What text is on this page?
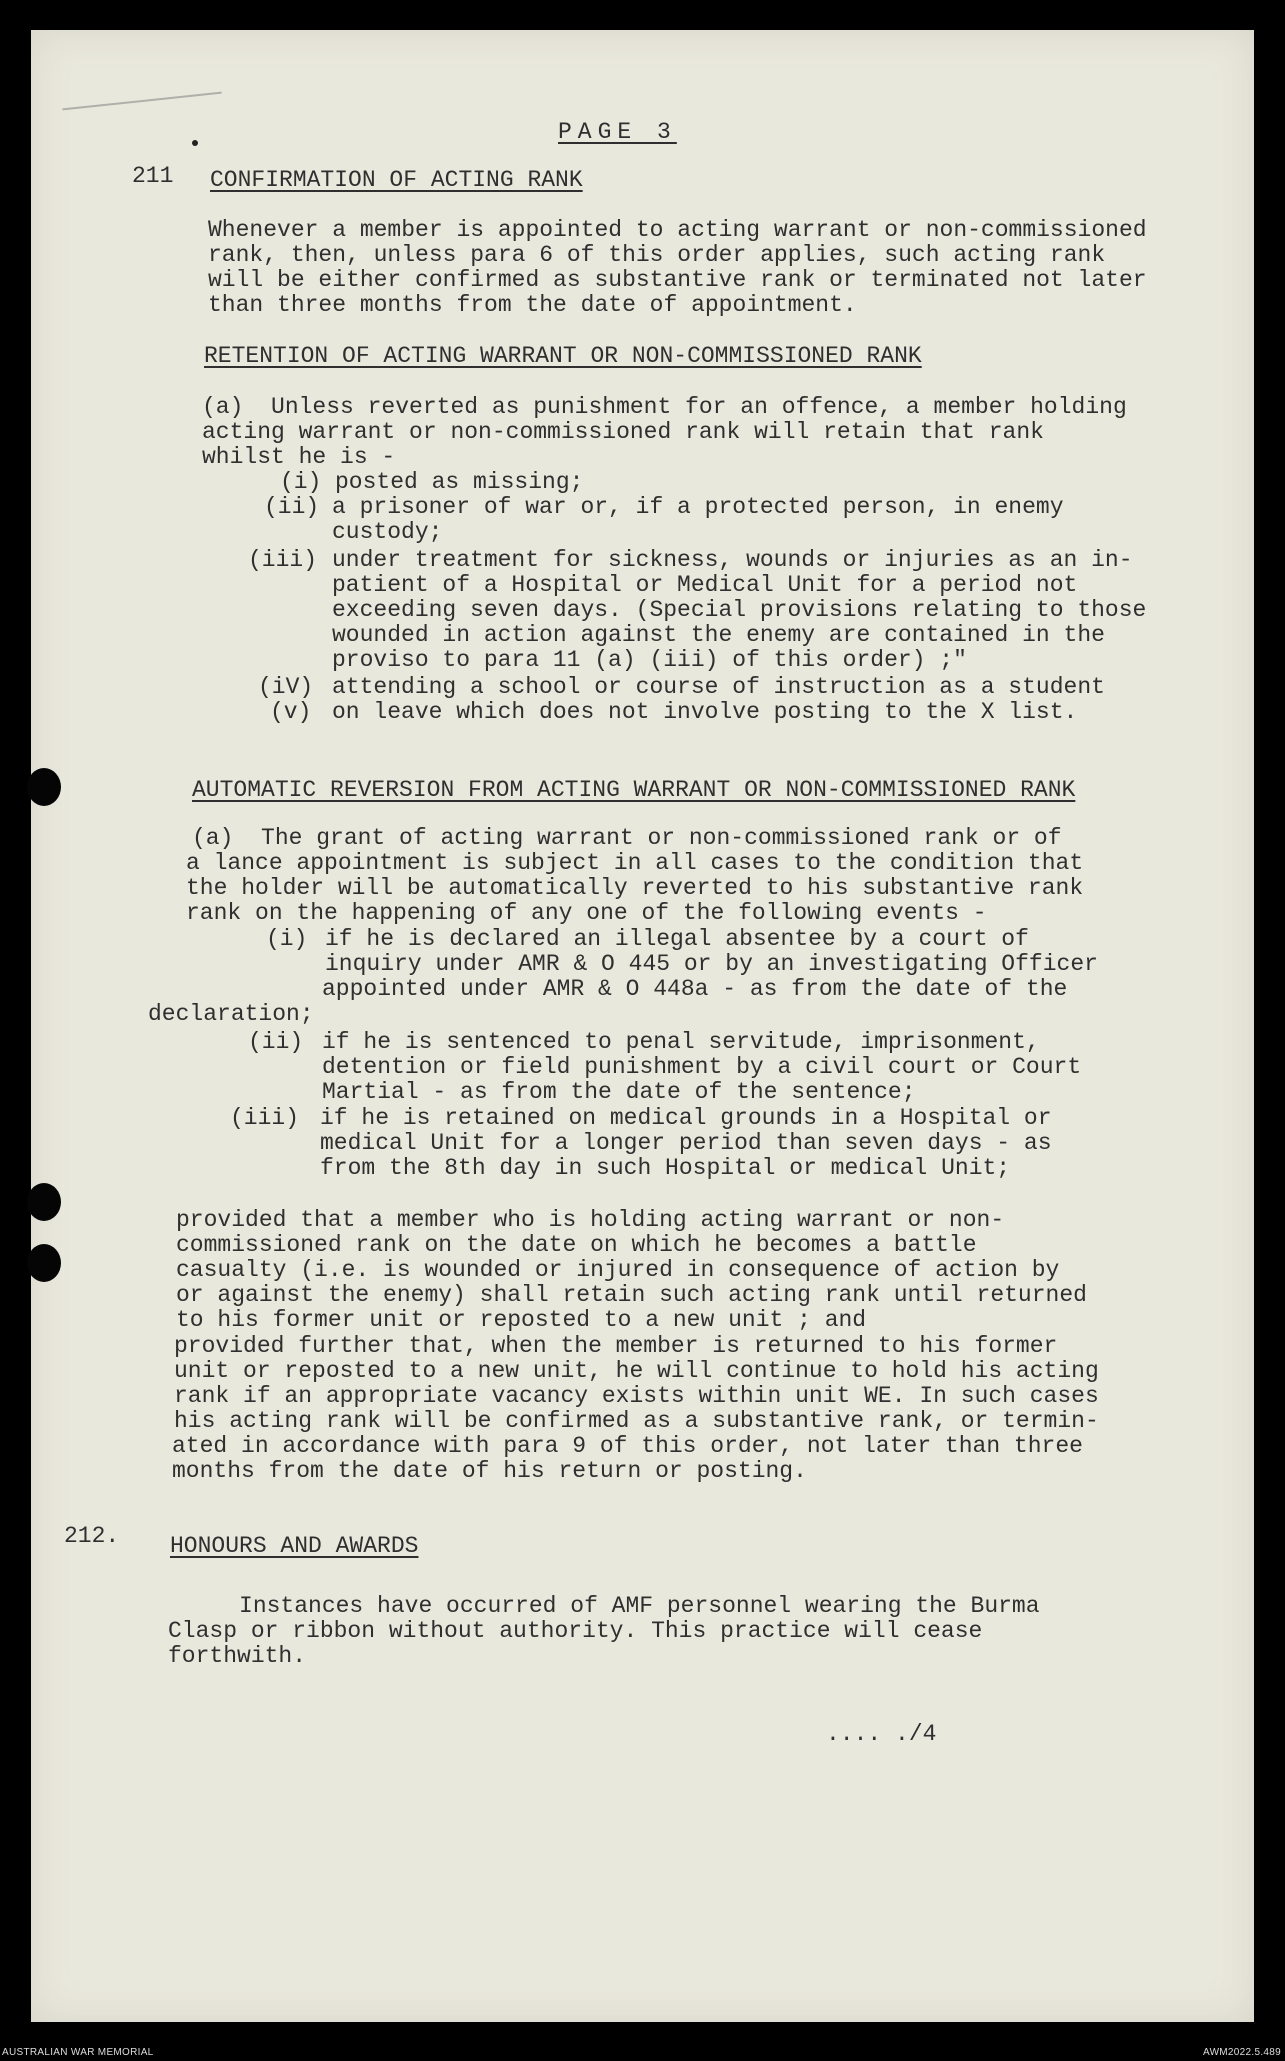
PAGE 3
211 CONFIRMATION OF ACTING RANK
Whenever a member is appointed to acting warrant or non-commissioned
rank, then, unless para 6 of this order applies, such acting rank
will be either confirmed as substantive rank or terminated not later
than three months from the date of appointment.
RETENTION OF ACTING WARRANT OR NON-COMMISSIONED RANK
(a)  Unless reverted as punishment for an offence, a member holding
acting warrant or non-commissioned rank will retain that rank
whilst he is -
(i) posted as missing;
(ii) a prisoner of war or, if a protected person, in enemy
custody;
(iii) under treatment for sickness, wounds or injuries as an in-
patient of a Hospital or Medical Unit for a period not
exceeding seven days. (Special provisions relating to those
wounded in action against the enemy are contained in the
proviso to para 11 (a) (iii) of this order) ;"
(iV) attending a school or course of instruction as a student
(v) on leave which does not involve posting to the X list.
AUTOMATIC REVERSION FROM ACTING WARRANT OR NON-COMMISSIONED RANK
(a)  The grant of acting warrant or non-commissioned rank or of
a lance appointment is subject in all cases to the condition that
the holder will be automatically reverted to his substantive rank
rank on the happening of any one of the following events -
(i) if he is declared an illegal absentee by a court of
inquiry under AMR & O 445 or by an investigating Officer
appointed under AMR & O 448a - as from the date of the
declaration;
(ii) if he is sentenced to penal servitude, imprisonment,
detention or field punishment by a civil court or Court
Martial - as from the date of the sentence;
(iii) if he is retained on medical grounds in a Hospital or
medical Unit for a longer period than seven days - as
from the 8th day in such Hospital or medical Unit;
provided that a member who is holding acting warrant or non-
commissioned rank on the date on which he becomes a battle
casualty (i.e. is wounded or injured in consequence of action by
or against the enemy) shall retain such acting rank until returned
to his former unit or reposted to a new unit ; and
provided further that, when the member is returned to his former
unit or reposted to a new unit, he will continue to hold his acting
rank if an appropriate vacancy exists within unit WE. In such cases
his acting rank will be confirmed as a substantive rank, or termin-
ated in accordance with para 9 of this order, not later than three
months from the date of his return or posting.
212. HONOURS AND AWARDS
Instances have occurred of AMF personnel wearing the Burma
Clasp or ribbon without authority. This practice will cease
forthwith.
.... ./4
AUSTRALIAN WAR MEMORIAL	AWM2022.5.489
